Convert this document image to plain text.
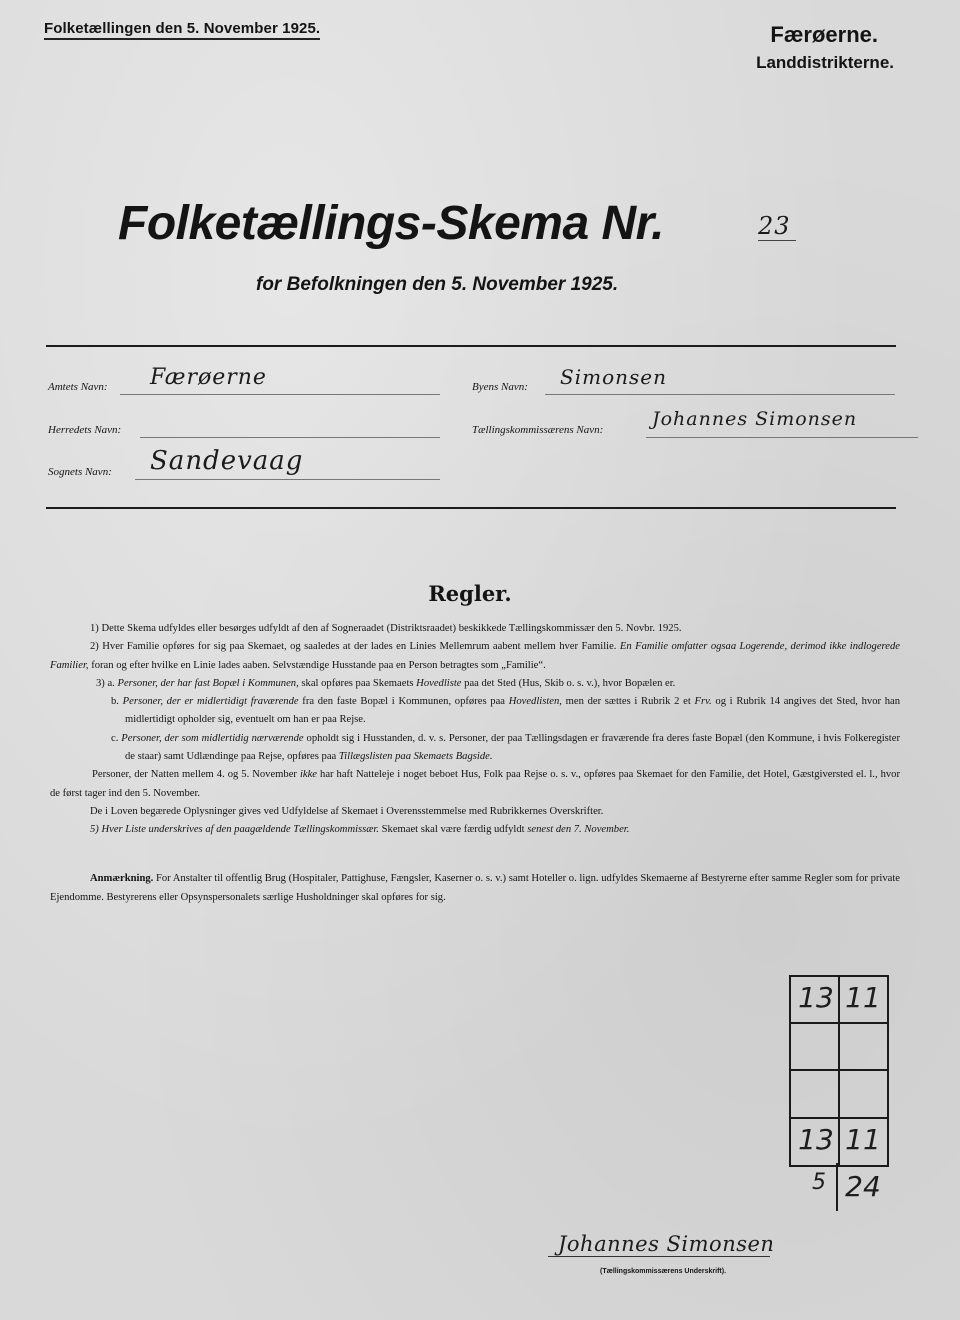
Folketællingen den 5. November 1925.	Færøerne.
Landdistrikterne.
Folketællings-Skema Nr.	23
for Befolkningen den 5. November 1925.
Amtets Navn: Færøerne
Herredets Navn:
Sognets Navn: Sandevaag
Byens Navn: Simonsen
Tællingskommissærens Navn:	Johannes Simonsen
Regler.

1) Dette Skema udfyldes eller besørges udfyldt af den af Sogneraadet (Distriktsraadet) beskikkede Tællingskommissær den 5. Novbr. 1925.

2) Hver Familie opføres for sig paa Skemaet, og saaledes at der lades en Linies Mellemrum aabent mellem hver Familie. En Familie omfatter ogsaa Logerende, derimod ikke indlogerede Familier, foran og efter hvilke en Linie lades aaben. Selvstændige Husstande paa en Person betragtes som „Familie“.

3) a. Personer, der har fast Bopæl i Kommunen, skal opføres paa Skemaets Hovedliste paa det Sted (Hus, Skib o. s. v.), hvor Bopælen er.

b. Personer, der er midlertidigt fraværende fra den faste Bopæl i Kommunen, opføres paa Hovedlisten, men der sættes i Rubrik 2 et Frv. og i Rubrik 14 angives det Sted, hvor han midlertidigt opholder sig, eventuelt om han er paa Rejse.

c. Personer, der som midlertidig nærværende opholdt sig i Husstanden, d. v. s. Personer, der paa Tællingsdagen er fraværende fra deres faste Bopæl (den Kommune, i hvis Folkeregister de staar) samt Udlændinge paa Rejse, opføres paa Tillægslisten paa Skemaets Bagside.

Personer, der Natten mellem 4. og 5. November ikke har haft Natteleje i noget beboet Hus, Folk paa Rejse o. s. v., opføres paa Skemaet for den Familie, det Hotel, Gæstgiversted el. l., hvor de først tager ind den 5. November.

De i Loven begærede Oplysninger gives ved Udfyldelse af Skemaet i Overensstemmelse med Rubrikkernes Overskrifter.

5) Hver Liste underskrives af den paagældende Tællingskommissær. Skemaet skal være færdig udfyldt senest den 7. November.

Anmærkning. For Anstalter til offentlig Brug (Hospitaler, Pattighuse, Fængsler, Kaserner o. s. v.) samt Hoteller o. lign. udfyldes Skemaerne af Bestyrerne efter samme Regler som for private Ejendomme. Bestyrerens eller Opsynspersonalets særlige Husholdninger skal opføres for sig.

13 11
13 11
5 24
Johannes Simonsen
(Tællingskommissærens Underskrift).
